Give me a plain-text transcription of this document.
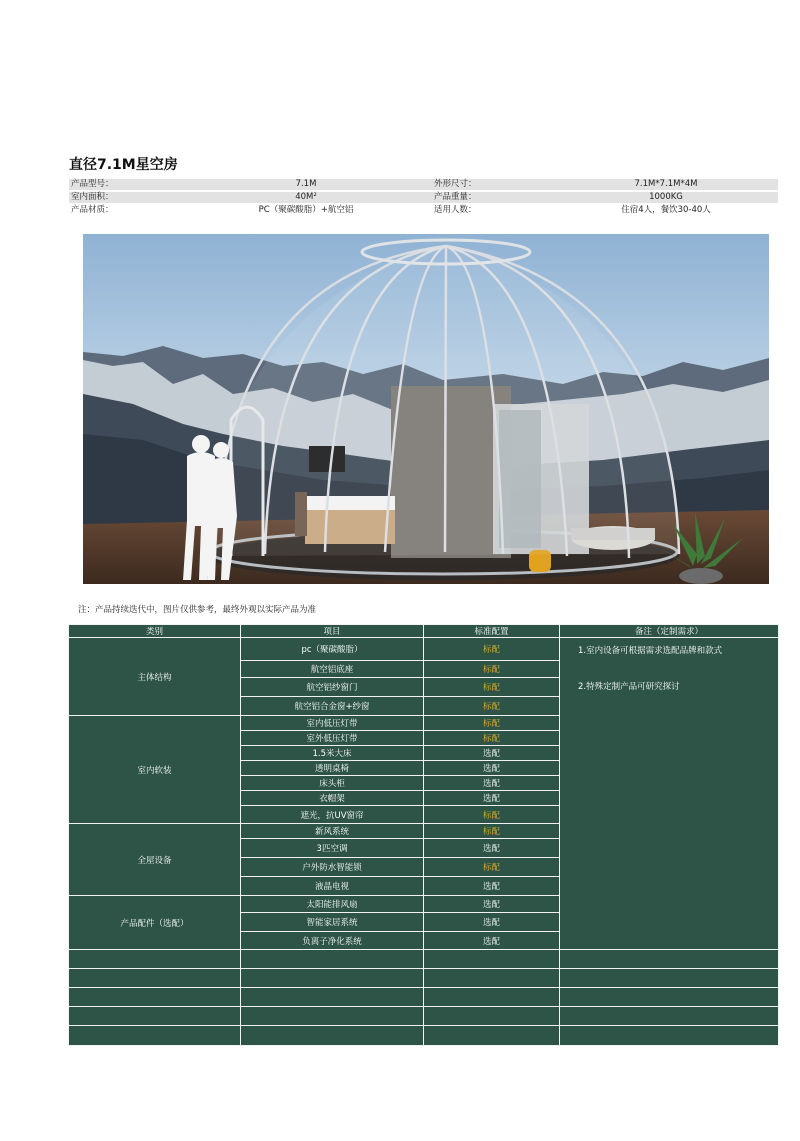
直径7.1M星空房
产品型号：	7.1M	外形尺寸：	7.1M*7.1M*4M
室内面积：	40M²	产品重量：	1000KG
产品材质：	PC（聚碳酸脂）+航空铝	适用人数：	住宿4人，餐饮30-40人
注：产品持续迭代中，图片仅供参考，最终外观以实际产品为准
类别	项目	标准配置	备注（定制需求）
主体结构	pc（聚碳酸脂）	标配	1.室内设备可根据需求选配品牌和款式
2.特殊定制产品可研究探讨

	航空铝底座	标配	
	航空铝纱窗门	标配	
	航空铝合金窗+纱窗	标配	
室内软装	室内低压灯带	标配	
	室外低压灯带	标配	
	1.5米大床	选配	
	透明桌椅	选配	
	床头柜	选配	
	衣帽架	选配	
	遮光，抗UV窗帘	标配	
全屋设备	新风系统	标配	
	3匹空调	选配	
	户外防水智能锁	标配	
	液晶电视	选配	
产品配件（选配）	太阳能排风扇	选配	
	智能家居系统	选配	
	负离子净化系统	选配	
